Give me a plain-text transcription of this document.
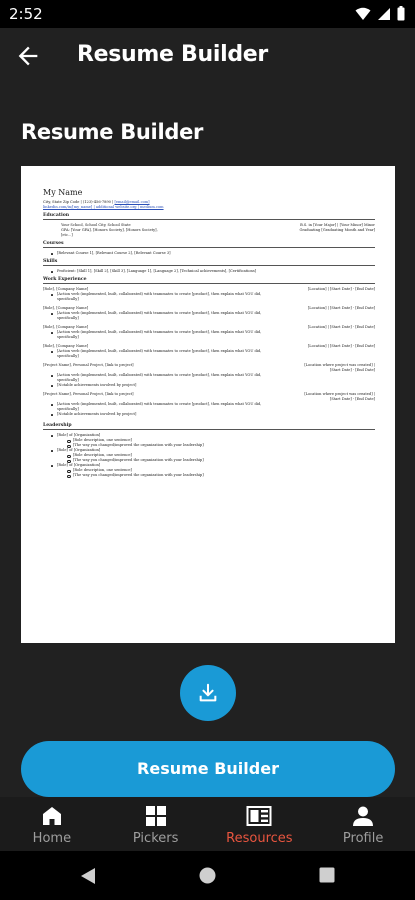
2:52
Resume Builder
Resume Builder
My Name
City, State Zip Code | (123)-456-7890 | [email@email.com]
linkedin.com/in/[my_name] | additional website.org | medium.com
Education
Your School, School City, School State
GPA: [Your GPA], [Honors Society], [Honors Society],
[etc...]
B.S. in [Your Major] | [Your Minor] Minor
Graduating [Graduating Month and Year]
Courses
[Relevant Course 1], [Relevant Course 2], [Relevant Course 3]
Skills
Proficient: [Skill 1], [Skill 2], [Skill 3], [Language 1], [Language 2], [Technical achievements], [Certifications]
Work Experience
[Role], [Company Name]	[Location] | [Start Date] - [End Date]
[Action verb (implemented, built, collaborated) with teammates to create [product], then explain what YOU did,
specifically]
[Role], [Company Name]	[Location] | [Start Date] - [End Date]
[Action verb (implemented, built, collaborated) with teammates to create [product], then explain what YOU did,
specifically]
[Role], [Company Name]	[Location] | [Start Date] - [End Date]
[Action verb (implemented, built, collaborated) with teammates to create [product], then explain what YOU did,
specifically]
[Role], [Company Name]	[Location] | [Start Date] - [End Date]
[Action verb (implemented, built, collaborated) with teammates to create [product], then explain what YOU did,
specifically]
[Project Name], Personal Project, [link to project]	[Location where project was created] |
[Start Date] - [End Date]
[Action verb (implemented, built, collaborated) with teammates to create [product], then explain what YOU did,
specifically]
[Notable achievements involved by project]
[Project Name], Personal Project, [link to project]	[Location where project was created] |
[Start Date] - [End Date]
[Action verb (implemented, built, collaborated) with teammates to create [product], then explain what YOU did,
specifically]
[Notable achievements involved by project]
Leadership
[Role] of [Organization]
[Role description, one sentence]
[The way you changed/improved the organization with your leadership]
[Role] of [Organization]
[Role description, one sentence]
[The way you changed/improved the organization with your leadership]
[Role] of [Organization]
[Role description, one sentence]
[The way you changed/improved the organization with your leadership]
Resume Builder
Home	Pickers	Resources	Profile
